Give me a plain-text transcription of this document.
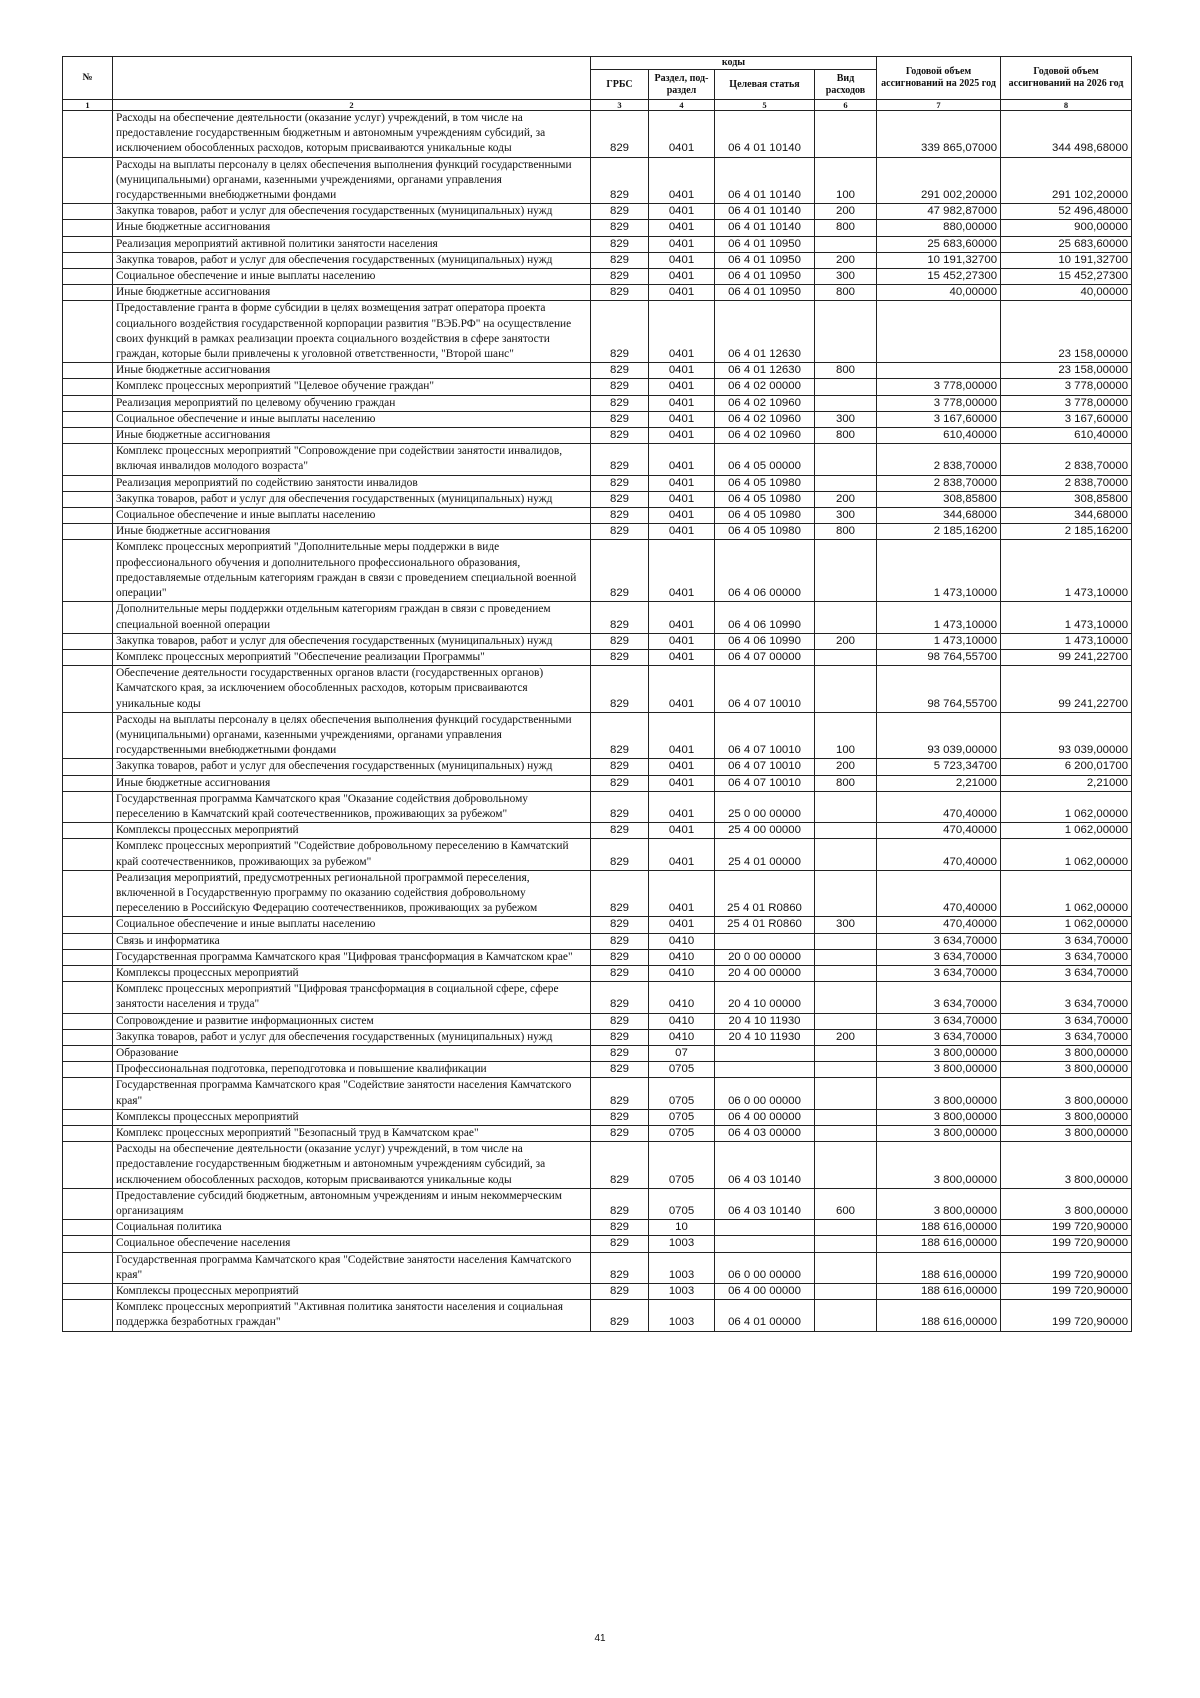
№		коды				Годовой объем ассигнований на 2025 год	Годовой объем ассигнований на 2026 год
		ГРБС	Раздел, под-раздел	Целевая статья	Вид расходов		
1	2	3	4	5	6	7	8
	Расходы на обеспечение деятельности (оказание услуг) учреждений, в том числе на предоставление государственным бюджетным и автономным учреждениям субсидий, за исключением обособленных расходов, которым присваиваются уникальные коды	829	0401	06 4 01 10140		339 865,07000	344 498,68000
	Расходы на выплаты персоналу в целях обеспечения выполнения функций государственными (муниципальными) органами, казенными учреждениями, органами управления государственными внебюджетными фондами	829	0401	06 4 01 10140	100	291 002,20000	291 102,20000
	Закупка товаров, работ и услуг для обеспечения государственных (муниципальных) нужд	829	0401	06 4 01 10140	200	47 982,87000	52 496,48000
	Иные бюджетные ассигнования	829	0401	06 4 01 10140	800	880,00000	900,00000
	Реализация мероприятий активной политики занятости населения	829	0401	06 4 01 10950		25 683,60000	25 683,60000
	Закупка товаров, работ и услуг для обеспечения государственных (муниципальных) нужд	829	0401	06 4 01 10950	200	10 191,32700	10 191,32700
	Социальное обеспечение и иные выплаты населению	829	0401	06 4 01 10950	300	15 452,27300	15 452,27300
	Иные бюджетные ассигнования	829	0401	06 4 01 10950	800	40,00000	40,00000
	Предоставление гранта в форме субсидии в целях возмещения затрат оператора проекта социального воздействия государственной корпорации развития "ВЭБ.РФ" на осуществление своих функций в рамках реализации проекта социального воздействия в сфере занятости граждан, которые были привлечены к уголовной ответственности, "Второй шанс"	829	0401	06 4 01 12630			23 158,00000
	Иные бюджетные ассигнования	829	0401	06 4 01 12630	800		23 158,00000
	Комплекс процессных мероприятий "Целевое обучение граждан"	829	0401	06 4 02 00000		3 778,00000	3 778,00000
	Реализация мероприятий по целевому обучению граждан	829	0401	06 4 02 10960		3 778,00000	3 778,00000
	Социальное обеспечение и иные выплаты населению	829	0401	06 4 02 10960	300	3 167,60000	3 167,60000
	Иные бюджетные ассигнования	829	0401	06 4 02 10960	800	610,40000	610,40000
	Комплекс процессных мероприятий "Сопровождение при содействии занятости инвалидов, включая инвалидов молодого возраста"	829	0401	06 4 05 00000		2 838,70000	2 838,70000
	Реализация мероприятий по содействию занятости инвалидов	829	0401	06 4 05 10980		2 838,70000	2 838,70000
	Закупка товаров, работ и услуг для обеспечения государственных (муниципальных) нужд	829	0401	06 4 05 10980	200	308,85800	308,85800
	Социальное обеспечение и иные выплаты населению	829	0401	06 4 05 10980	300	344,68000	344,68000
	Иные бюджетные ассигнования	829	0401	06 4 05 10980	800	2 185,16200	2 185,16200
	Комплекс процессных мероприятий "Дополнительные меры поддержки в виде профессионального обучения и дополнительного профессионального образования, предоставляемые отдельным категориям граждан в связи с проведением специальной военной операции"	829	0401	06 4 06 00000		1 473,10000	1 473,10000
	Дополнительные меры поддержки отдельным категориям граждан в связи с проведением специальной военной операции	829	0401	06 4 06 10990		1 473,10000	1 473,10000
	Закупка товаров, работ и услуг для обеспечения государственных (муниципальных) нужд	829	0401	06 4 06 10990	200	1 473,10000	1 473,10000
	Комплекс процессных мероприятий "Обеспечение реализации Программы"	829	0401	06 4 07 00000		98 764,55700	99 241,22700
	Обеспечение деятельности государственных органов власти (государственных органов) Камчатского края, за исключением обособленных расходов, которым присваиваются уникальные коды	829	0401	06 4 07 10010		98 764,55700	99 241,22700
	Расходы на выплаты персоналу в целях обеспечения выполнения функций государственными (муниципальными) органами, казенными учреждениями, органами управления государственными внебюджетными фондами	829	0401	06 4 07 10010	100	93 039,00000	93 039,00000
	Закупка товаров, работ и услуг для обеспечения государственных (муниципальных) нужд	829	0401	06 4 07 10010	200	5 723,34700	6 200,01700
	Иные бюджетные ассигнования	829	0401	06 4 07 10010	800	2,21000	2,21000
	Государственная программа Камчатского края "Оказание содействия добровольному переселению в Камчатский край соотечественников, проживающих за рубежом"	829	0401	25 0 00 00000		470,40000	1 062,00000
	Комплексы процессных мероприятий	829	0401	25 4 00 00000		470,40000	1 062,00000
	Комплекс процессных мероприятий "Содействие добровольному переселению в Камчатский край соотечественников, проживающих за рубежом"	829	0401	25 4 01 00000		470,40000	1 062,00000
	Реализация мероприятий, предусмотренных региональной программой переселения, включенной в Государственную программу по оказанию содействия добровольному переселению в Российскую Федерацию соотечественников, проживающих за рубежом	829	0401	25 4 01 R0860		470,40000	1 062,00000
	Социальное обеспечение и иные выплаты населению	829	0401	25 4 01 R0860	300	470,40000	1 062,00000
	Связь и информатика	829	0410			3 634,70000	3 634,70000
	Государственная программа Камчатского края "Цифровая трансформация в Камчатском крае"	829	0410	20 0 00 00000		3 634,70000	3 634,70000
	Комплексы процессных мероприятий	829	0410	20 4 00 00000		3 634,70000	3 634,70000
	Комплекс процессных мероприятий "Цифровая трансформация в социальной сфере, сфере занятости населения и труда"	829	0410	20 4 10 00000		3 634,70000	3 634,70000
	Сопровождение и развитие информационных систем	829	0410	20 4 10 11930		3 634,70000	3 634,70000
	Закупка товаров, работ и услуг для обеспечения государственных (муниципальных) нужд	829	0410	20 4 10 11930	200	3 634,70000	3 634,70000
	Образование	829	07			3 800,00000	3 800,00000
	Профессиональная подготовка, переподготовка и повышение квалификации	829	0705			3 800,00000	3 800,00000
	Государственная программа Камчатского края "Содействие занятости населения Камчатского края"	829	0705	06 0 00 00000		3 800,00000	3 800,00000
	Комплексы процессных мероприятий	829	0705	06 4 00 00000		3 800,00000	3 800,00000
	Комплекс процессных мероприятий "Безопасный труд в Камчатском крае"	829	0705	06 4 03 00000		3 800,00000	3 800,00000
	Расходы на обеспечение деятельности (оказание услуг) учреждений, в том числе на предоставление государственным бюджетным и автономным учреждениям субсидий, за исключением обособленных расходов, которым присваиваются уникальные коды	829	0705	06 4 03 10140		3 800,00000	3 800,00000
	Предоставление субсидий бюджетным, автономным учреждениям и иным некоммерческим организациям	829	0705	06 4 03 10140	600	3 800,00000	3 800,00000
	Социальная политика	829	10			188 616,00000	199 720,90000
	Социальное обеспечение населения	829	1003			188 616,00000	199 720,90000
	Государственная программа Камчатского края "Содействие занятости населения Камчатского края"	829	1003	06 0 00 00000		188 616,00000	199 720,90000
	Комплексы процессных мероприятий	829	1003	06 4 00 00000		188 616,00000	199 720,90000
	Комплекс процессных мероприятий "Активная политика занятости населения и социальная поддержка безработных граждан"	829	1003	06 4 01 00000		188 616,00000	199 720,90000
41
